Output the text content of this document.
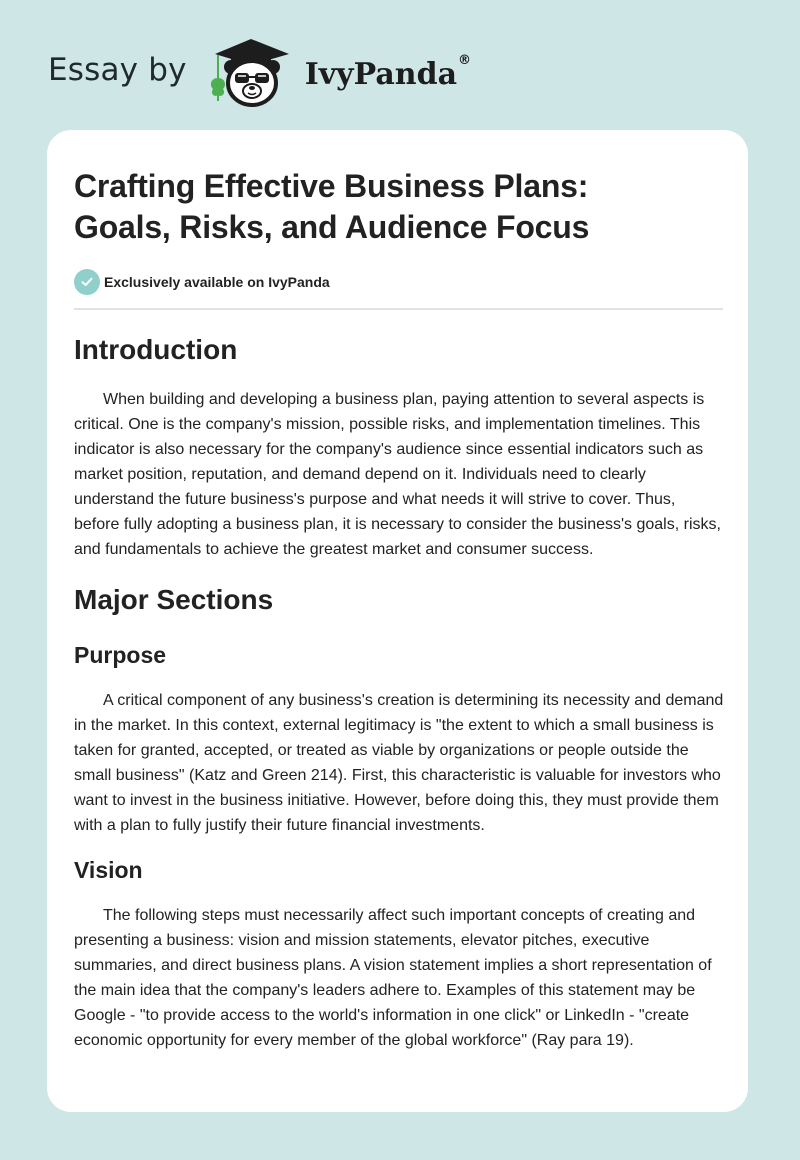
Essay by	IvyPanda®
Crafting Effective Business Plans:
Goals, Risks, and Audience Focus
Exclusively available on IvyPanda
Introduction

When building and developing a business plan, paying attention to several aspects is critical. One is the company's mission, possible risks, and implementation timelines. This indicator is also necessary for the company's audience since essential indicators such as market position, reputation, and demand depend on it. Individuals need to clearly understand the future business's purpose and what needs it will strive to cover. Thus, before fully adopting a business plan, it is necessary to consider the business's goals, risks, and fundamentals to achieve the greatest market and consumer success.

Major Sections
Purpose

A critical component of any business's creation is determining its necessity and demand in the market. In this context, external legitimacy is "the extent to which a small business is taken for granted, accepted, or treated as viable by organizations or people outside the small business" (Katz and Green 214). First, this characteristic is valuable for investors who want to invest in the business initiative. However, before doing this, they must provide them with a plan to fully justify their future financial investments.

Vision

The following steps must necessarily affect such important concepts of creating and presenting a business: vision and mission statements, elevator pitches, executive summaries, and direct business plans. A vision statement implies a short representation of the main idea that the company's leaders adhere to. Examples of this statement may be Google - "to provide access to the world's information in one click" or LinkedIn - "create economic opportunity for every member of the global workforce" (Ray para 19).
